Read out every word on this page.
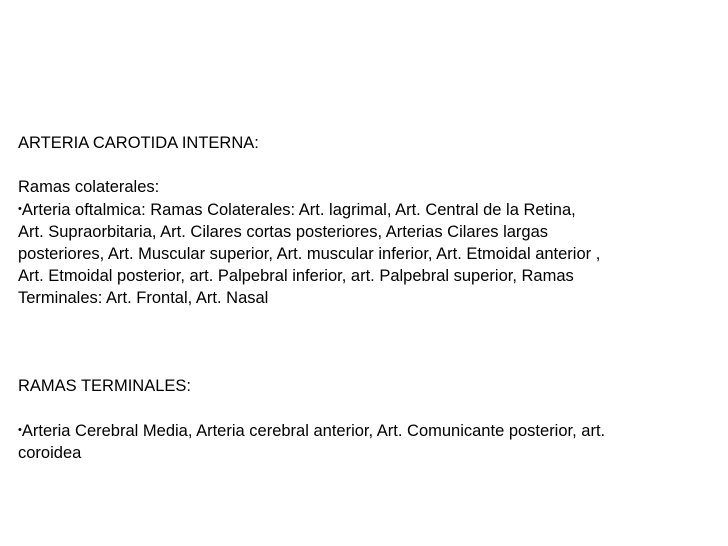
ARTERIA CAROTIDA INTERNA:
Ramas colaterales:
•Arteria oftalmica: Ramas Colaterales: Art. lagrimal, Art. Central de la Retina,
Art. Supraorbitaria, Art. Cilares cortas posteriores, Arterias Cilares largas
posteriores, Art. Muscular superior, Art. muscular inferior, Art. Etmoidal anterior ,
Art. Etmoidal posterior, art. Palpebral inferior, art. Palpebral superior, Ramas
Terminales: Art. Frontal, Art. Nasal
RAMAS TERMINALES:
•Arteria Cerebral Media, Arteria cerebral anterior, Art. Comunicante posterior, art.
coroidea
